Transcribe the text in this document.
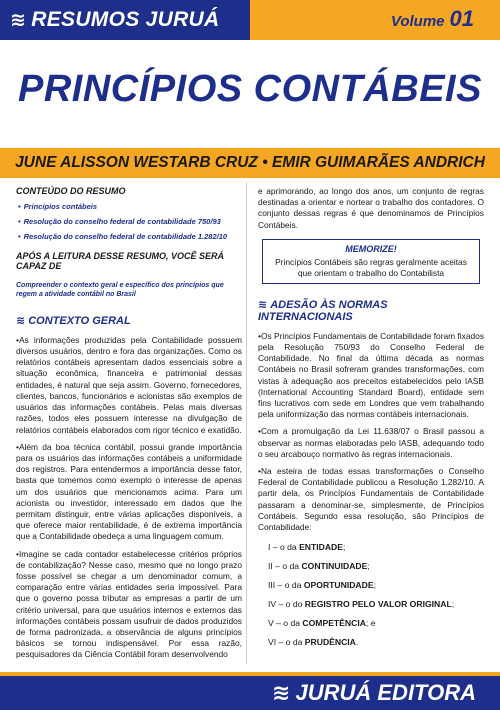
≋ RESUMOS JURUÁ	Volume 01
PRINCÍPIOS CONTÁBEIS
JUNE ALISSON WESTARB CRUZ • EMIR GUIMARÃES ANDRICH
CONTEÚDO DO RESUMO
• Princípios contábeis
• Resolução do conselho federal de contabilidade 750/93
• Resolução do conselho federal de contabilidade 1.282/10
APÓS A LEITURA DESSE RESUMO, VOCÊ SERÁ CAPAZ DE
Compreender o contexto geral e específico dos princípios que regem a atividade contábil no Brasil
≋ CONTEXTO GERAL

• As informações produzidas pela Contabilidade possuem diversos usuários, dentro e fora das organizações. Como os relatórios contábeis apresentam dados essenciais sobre a situação econômica, financeira e patrimonial dessas entidades, é natural que seja assim. Governo, fornecedores, clientes, bancos, funcionários e acionistas são exemplos de usuários das informações contábeis. Pelas mais diversas razões, todos eles possuem interesse na divulgação de relatórios contábeis elaborados com rigor técnico e exatidão.

• Além da boa técnica contábil, possui grande importância para os usuários das informações contábeis a uniformidade dos registros. Para entendermos a importância desse fator, basta que tomemos como exemplo o interesse de apenas um dos usuários que mencionamos acima. Para um acionista ou investidor, interessado em dados que lhe permitam distinguir, entre várias aplicações disponíveis, a que oferece maior rentabilidade, é de extrema importância que a Contabilidade obedeça a uma linguagem comum.

• Imagine se cada contador estabelecesse critérios próprios de contabilização? Nesse caso, mesmo que no longo prazo fosse possível se chegar a um denominador comum, a comparação entre várias entidades seria impossível. Para que o governo possa tributar as empresas a partir de um critério universal, para que usuários internos e externos das informações contábeis possam usufruir de dados produzidos de forma padronizada, a observância de alguns princípios básicos se tornou indispensável. Por essa razão, pesquisadores da Ciência Contábil foram desenvolvendo

e aprimorando, ao longo dos anos, um conjunto de regras destinadas a orientar e nortear o trabalho dos contadores. O conjunto dessas regras é que denominamos de Princípios Contábeis.

MEMORIZE!
Princípios Contábeis são regras geralmente aceitas que orientam o trabalho do Contabilista
≋ ADESÃO ÀS NORMAS INTERNACIONAIS

• Os Princípios Fundamentais de Contabilidade foram fixados pela Resolução 750/93 do Conselho Federal de Contabilidade. No final da última década as normas Contábeis no Brasil sofreram grandes transformações, com vistas à adequação aos preceitos estabelecidos pelo IASB (International Accounting Standard Board), entidade sem fins lucrativos com sede em Londres que vem trabalhando pela uniformização das normas contábeis internacionais.

• Com a promulgação da Lei 11.638/07 o Brasil passou a observar as normas elaboradas pelo IASB, adequando todo o seu arcabouço normativo às regras internacionais.

• Na esteira de todas essas transformações o Conselho Federal de Contabilidade publicou a Resolução 1.282/10. A partir dela, os Princípios Fundamentais de Contabilidade passaram a denominar-se, simplesmente, de Princípios Contábeis. Segundo essa resolução, são Princípios de Contabilidade:

I – o da ENTIDADE;
II – o da CONTINUIDADE;
III – o da OPORTUNIDADE;
IV – o do REGISTRO PELO VALOR ORIGINAL;
V – o da COMPETÊNCIA; e
VI – o da PRUDÊNCIA.
≋ JURUÁ EDITORA
